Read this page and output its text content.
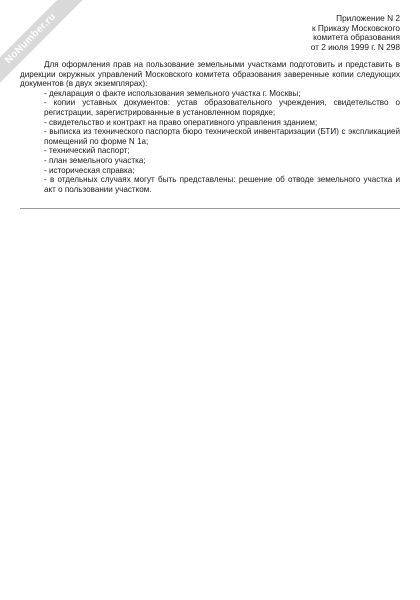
NoNumber.ru	Приложение N 2
к Приказу Московского
комитета образования
от 2 июля 1999 г. N 298

Для оформления прав на пользование земельными участками подготовить и представить в дирекции окружных управлений Московского комитета образования заверенные копии следующих документов (в двух экземплярах):

- декларация о факте использования земельного участка г. Москвы;

- копии уставных документов: устав образовательного учреждения, свидетельство о регистрации, зарегистрированные в установленном порядке;

- свидетельство и контракт на право оперативного управления зданием;

- выписка из технического паспорта бюро технической инвентаризации (БТИ) с экспликацией помещений по форме N 1а;

- технический паспорт;

- план земельного участка;

- историческая справка;

- в отдельных случаях могут быть представлены: решение об отводе земельного участка и акт о пользовании участком.
